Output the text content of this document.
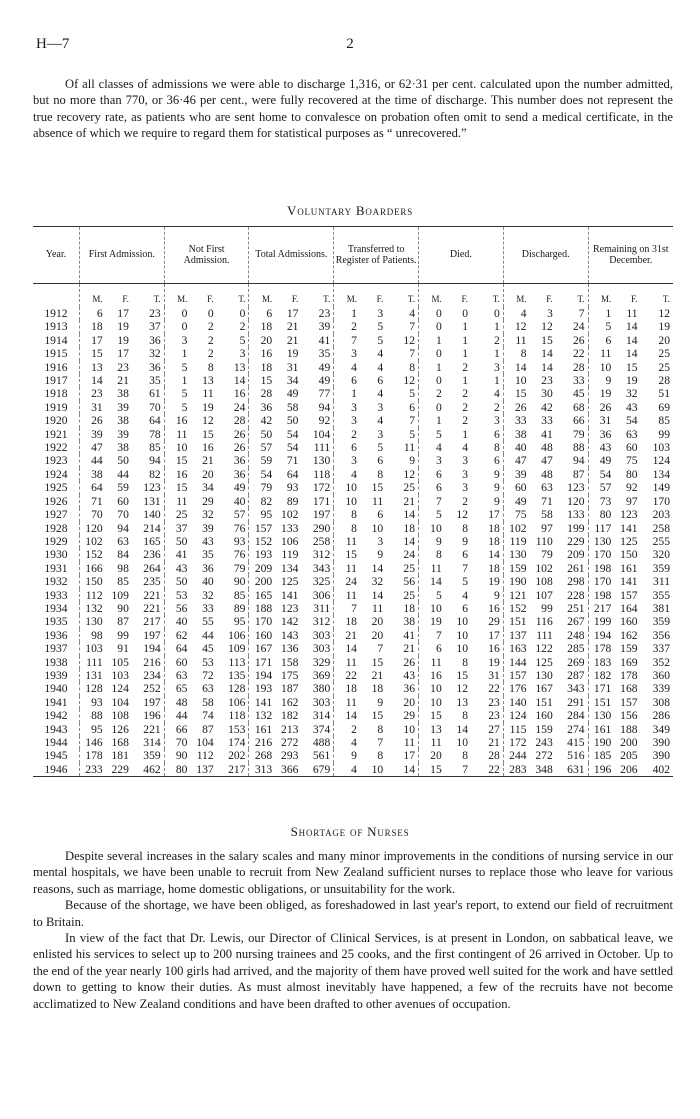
H—7	2

Of all classes of admissions we were able to discharge 1,316, or 62·31 per cent. calculated upon the number admitted, but no more than 770, or 36·46 per cent., were fully recovered at the time of discharge. This number does not represent the true recovery rate, as patients who are sent home to convalesce on probation often omit to send a medical certificate, in the absence of which we require to regard them for statistical purposes as “ unrecovered.”

Voluntary Boarders
Year.	First Admission.			Not First Admission.			Total Admissions.			Transferred to Register of Patients.			Died.			Discharged.			Remaining on 31st December.		
	M.	F.	T.	M.	F.	T.	M.	F.	T.	M.	F.	T.	M.	F.	T.	M.	F.	T.	M.	F.	T.
1912	6	17	23	0	0	0	6	17	23	1	3	4	0	0	0	4	3	7	1	11	12
1913	18	19	37	0	2	2	18	21	39	2	5	7	0	1	1	12	12	24	5	14	19
1914	17	19	36	3	2	5	20	21	41	7	5	12	1	1	2	11	15	26	6	14	20
1915	15	17	32	1	2	3	16	19	35	3	4	7	0	1	1	8	14	22	11	14	25
1916	13	23	36	5	8	13	18	31	49	4	4	8	1	2	3	14	14	28	10	15	25
1917	14	21	35	1	13	14	15	34	49	6	6	12	0	1	1	10	23	33	9	19	28
1918	23	38	61	5	11	16	28	49	77	1	4	5	2	2	4	15	30	45	19	32	51
1919	31	39	70	5	19	24	36	58	94	3	3	6	0	2	2	26	42	68	26	43	69
1920	26	38	64	16	12	28	42	50	92	3	4	7	1	2	3	33	33	66	31	54	85
1921	39	39	78	11	15	26	50	54	104	2	3	5	5	1	6	38	41	79	36	63	99
1922	47	38	85	10	16	26	57	54	111	6	5	11	4	4	8	40	48	88	43	60	103
1923	44	50	94	15	21	36	59	71	130	3	6	9	3	3	6	47	47	94	49	75	124
1924	38	44	82	16	20	36	54	64	118	4	8	12	6	3	9	39	48	87	54	80	134
1925	64	59	123	15	34	49	79	93	172	10	15	25	6	3	9	60	63	123	57	92	149
1926	71	60	131	11	29	40	82	89	171	10	11	21	7	2	9	49	71	120	73	97	170
1927	70	70	140	25	32	57	95	102	197	8	6	14	5	12	17	75	58	133	80	123	203
1928	120	94	214	37	39	76	157	133	290	8	10	18	10	8	18	102	97	199	117	141	258
1929	102	63	165	50	43	93	152	106	258	11	3	14	9	9	18	119	110	229	130	125	255
1930	152	84	236	41	35	76	193	119	312	15	9	24	8	6	14	130	79	209	170	150	320
1931	166	98	264	43	36	79	209	134	343	11	14	25	11	7	18	159	102	261	198	161	359
1932	150	85	235	50	40	90	200	125	325	24	32	56	14	5	19	190	108	298	170	141	311
1933	112	109	221	53	32	85	165	141	306	11	14	25	5	4	9	121	107	228	198	157	355
1934	132	90	221	56	33	89	188	123	311	7	11	18	10	6	16	152	99	251	217	164	381
1935	130	87	217	40	55	95	170	142	312	18	20	38	19	10	29	151	116	267	199	160	359
1936	98	99	197	62	44	106	160	143	303	21	20	41	7	10	17	137	111	248	194	162	356
1937	103	91	194	64	45	109	167	136	303	14	7	21	6	10	16	163	122	285	178	159	337
1938	111	105	216	60	53	113	171	158	329	11	15	26	11	8	19	144	125	269	183	169	352
1939	131	103	234	63	72	135	194	175	369	22	21	43	16	15	31	157	130	287	182	178	360
1940	128	124	252	65	63	128	193	187	380	18	18	36	10	12	22	176	167	343	171	168	339
1941	93	104	197	48	58	106	141	162	303	11	9	20	10	13	23	140	151	291	151	157	308
1942	88	108	196	44	74	118	132	182	314	14	15	29	15	8	23	124	160	284	130	156	286
1943	95	126	221	66	87	153	161	213	374	2	8	10	13	14	27	115	159	274	161	188	349
1944	146	168	314	70	104	174	216	272	488	4	7	11	11	10	21	172	243	415	190	200	390
1945	178	181	359	90	112	202	268	293	561	9	8	17	20	8	28	244	272	516	185	205	390
1946	233	229	462	80	137	217	313	366	679	4	10	14	15	7	22	283	348	631	196	206	402
Shortage of Nurses

Despite several increases in the salary scales and many minor improvements in the conditions of nursing service in our mental hospitals, we have been unable to recruit from New Zealand sufficient nurses to replace those who leave for various reasons, such as marriage, home domestic obligations, or unsuitability for the work.

Because of the shortage, we have been obliged, as foreshadowed in last year's report, to extend our field of recruitment to Britain.

In view of the fact that Dr. Lewis, our Director of Clinical Services, is at present in London, on sabbatical leave, we enlisted his services to select up to 200 nursing trainees and 25 cooks, and the first contingent of 26 arrived in October. Up to the end of the year nearly 100 girls had arrived, and the majority of them have proved well suited for the work and have settled down to getting to know their duties. As must almost inevitably have happened, a few of the recruits have not become acclimatized to New Zealand conditions and have been drafted to other avenues of occupation.
